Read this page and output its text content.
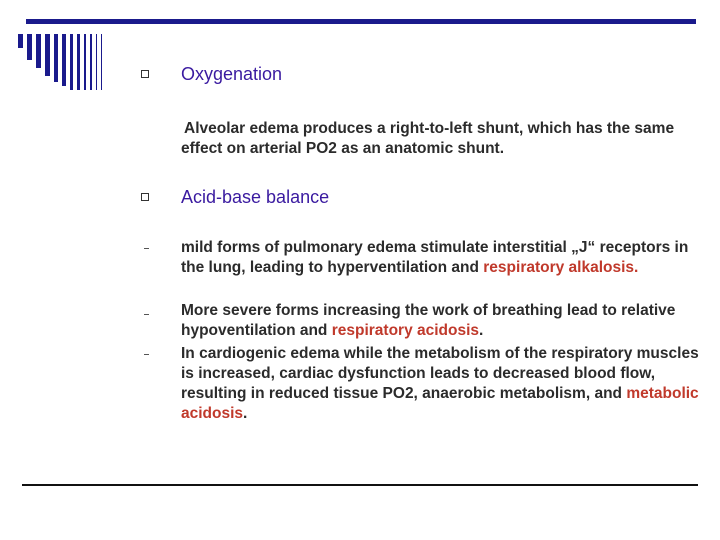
Oxygenation
Alveolar edema produces a right-to-left shunt, which has the same effect on arterial PO2 as an anatomic shunt.
Acid-base balance
mild forms of pulmonary edema stimulate interstitial „J“ receptors in the lung, leading to hyperventilation and respiratory alkalosis.
More severe forms increasing the work of breathing lead to relative hypoventilation and respiratory acidosis.
In cardiogenic edema while the metabolism of the respiratory muscles is increased, cardiac dysfunction leads to decreased blood flow, resulting in reduced tissue PO2, anaerobic metabolism, and metabolic acidosis.
